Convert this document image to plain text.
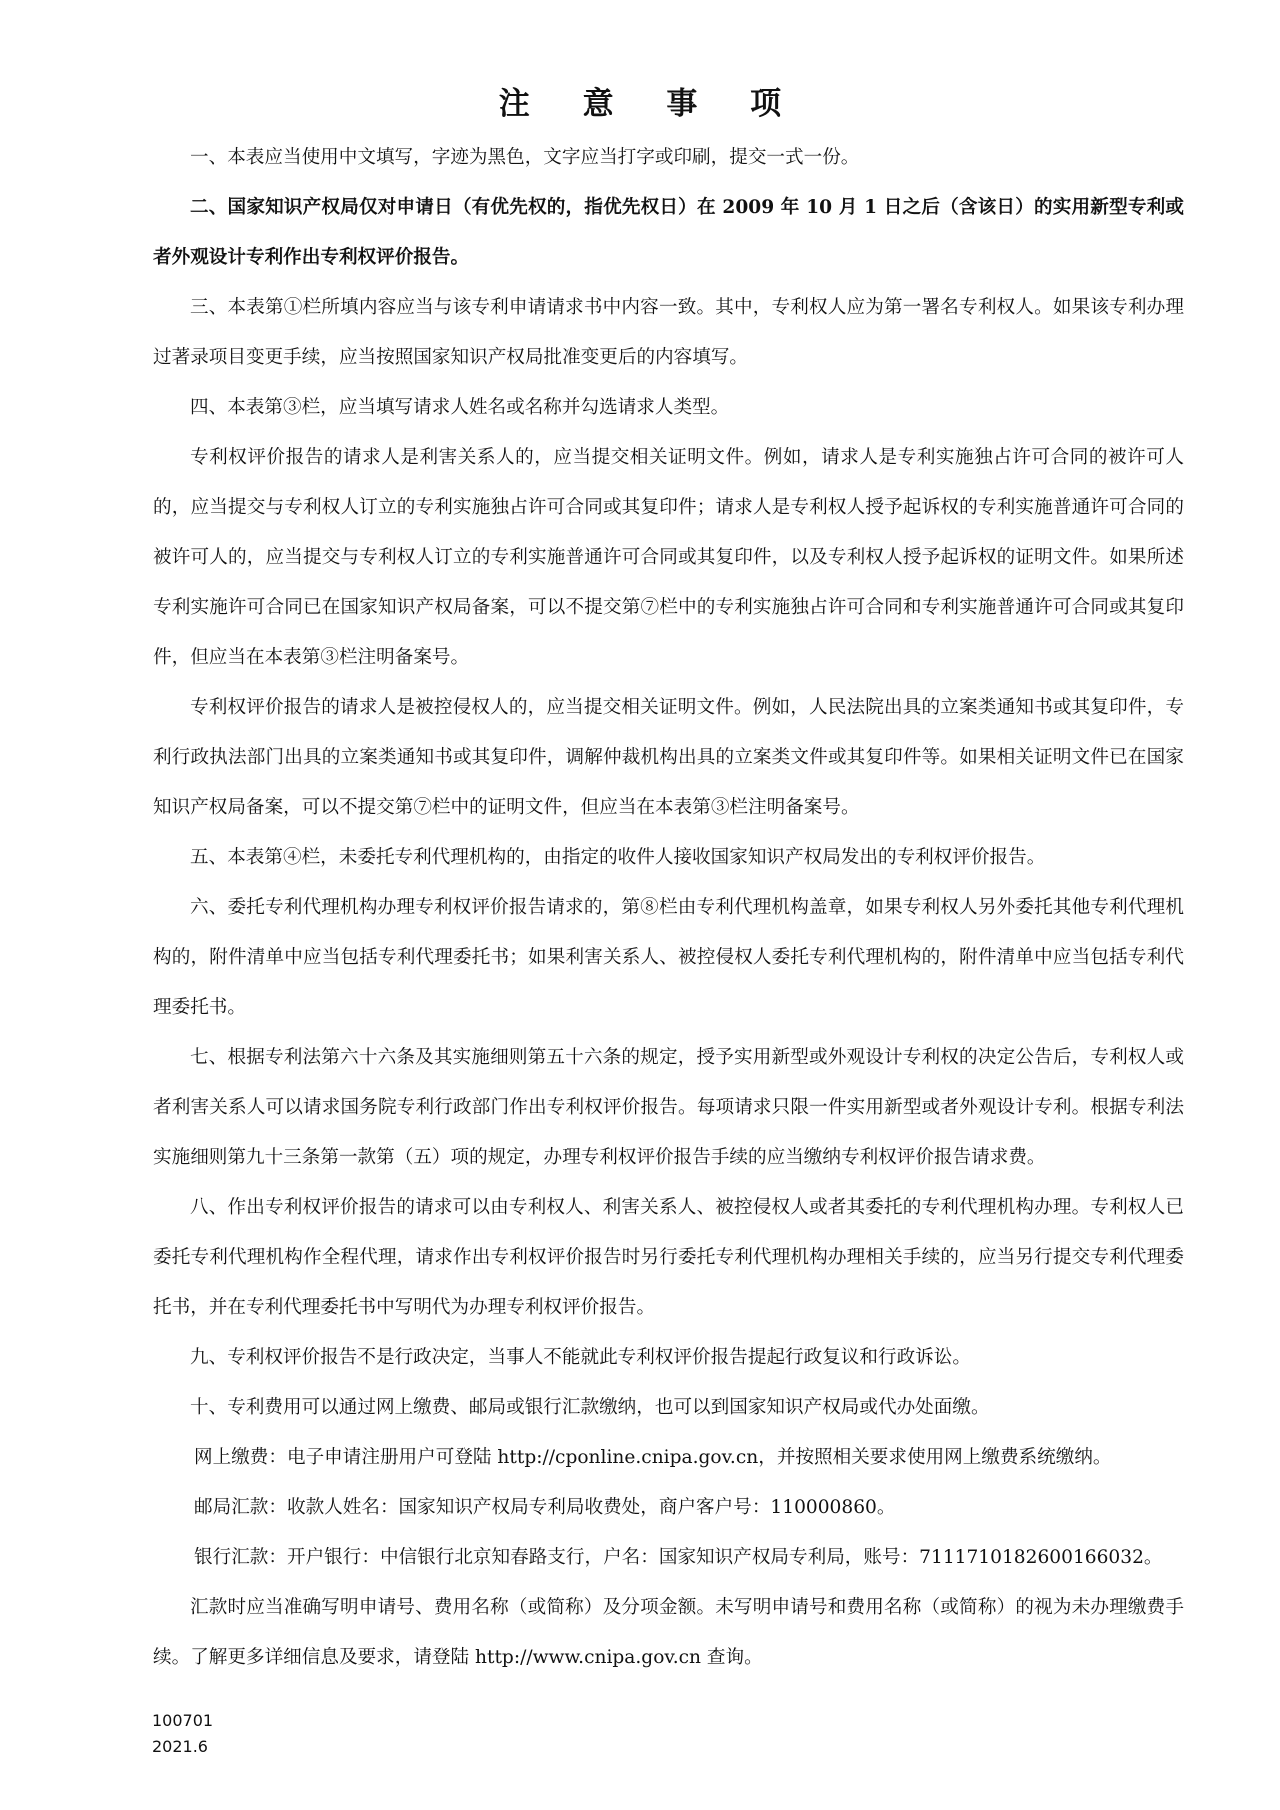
注 意 事 项

一、本表应当使用中文填写，字迹为黑色，文字应当打字或印刷，提交一式一份。

二、国家知识产权局仅对申请日（有优先权的，指优先权日）在 2009 年 10 月 1 日之后（含该日）的实用新型专利或者外观设计专利作出专利权评价报告。

三、本表第①栏所填内容应当与该专利申请请求书中内容一致。其中，专利权人应为第一署名专利权人。如果该专利办理过著录项目变更手续，应当按照国家知识产权局批准变更后的内容填写。

四、本表第③栏，应当填写请求人姓名或名称并勾选请求人类型。

专利权评价报告的请求人是利害关系人的，应当提交相关证明文件。例如，请求人是专利实施独占许可合同的被许可人的，应当提交与专利权人订立的专利实施独占许可合同或其复印件；请求人是专利权人授予起诉权的专利实施普通许可合同的被许可人的，应当提交与专利权人订立的专利实施普通许可合同或其复印件，以及专利权人授予起诉权的证明文件。如果所述专利实施许可合同已在国家知识产权局备案，可以不提交第⑦栏中的专利实施独占许可合同和专利实施普通许可合同或其复印件，但应当在本表第③栏注明备案号。

专利权评价报告的请求人是被控侵权人的，应当提交相关证明文件。例如，人民法院出具的立案类通知书或其复印件，专利行政执法部门出具的立案类通知书或其复印件，调解仲裁机构出具的立案类文件或其复印件等。如果相关证明文件已在国家知识产权局备案，可以不提交第⑦栏中的证明文件，但应当在本表第③栏注明备案号。

五、本表第④栏，未委托专利代理机构的，由指定的收件人接收国家知识产权局发出的专利权评价报告。

六、委托专利代理机构办理专利权评价报告请求的，第⑧栏由专利代理机构盖章，如果专利权人另外委托其他专利代理机构的，附件清单中应当包括专利代理委托书；如果利害关系人、被控侵权人委托专利代理机构的，附件清单中应当包括专利代理委托书。

七、根据专利法第六十六条及其实施细则第五十六条的规定，授予实用新型或外观设计专利权的决定公告后，专利权人或者利害关系人可以请求国务院专利行政部门作出专利权评价报告。每项请求只限一件实用新型或者外观设计专利。根据专利法实施细则第九十三条第一款第（五）项的规定，办理专利权评价报告手续的应当缴纳专利权评价报告请求费。

八、作出专利权评价报告的请求可以由专利权人、利害关系人、被控侵权人或者其委托的专利代理机构办理。专利权人已委托专利代理机构作全程代理，请求作出专利权评价报告时另行委托专利代理机构办理相关手续的，应当另行提交专利代理委托书，并在专利代理委托书中写明代为办理专利权评价报告。

九、专利权评价报告不是行政决定，当事人不能就此专利权评价报告提起行政复议和行政诉讼。

十、专利费用可以通过网上缴费、邮局或银行汇款缴纳，也可以到国家知识产权局或代办处面缴。

网上缴费：电子申请注册用户可登陆 http://cponline.cnipa.gov.cn，并按照相关要求使用网上缴费系统缴纳。

邮局汇款：收款人姓名：国家知识产权局专利局收费处，商户客户号：110000860。

银行汇款：开户银行：中信银行北京知春路支行，户名：国家知识产权局专利局，账号：7111710182600166032。

汇款时应当准确写明申请号、费用名称（或简称）及分项金额。未写明申请号和费用名称（或简称）的视为未办理缴费手续。了解更多详细信息及要求，请登陆 http://www.cnipa.gov.cn 查询。

100701
2021.6
